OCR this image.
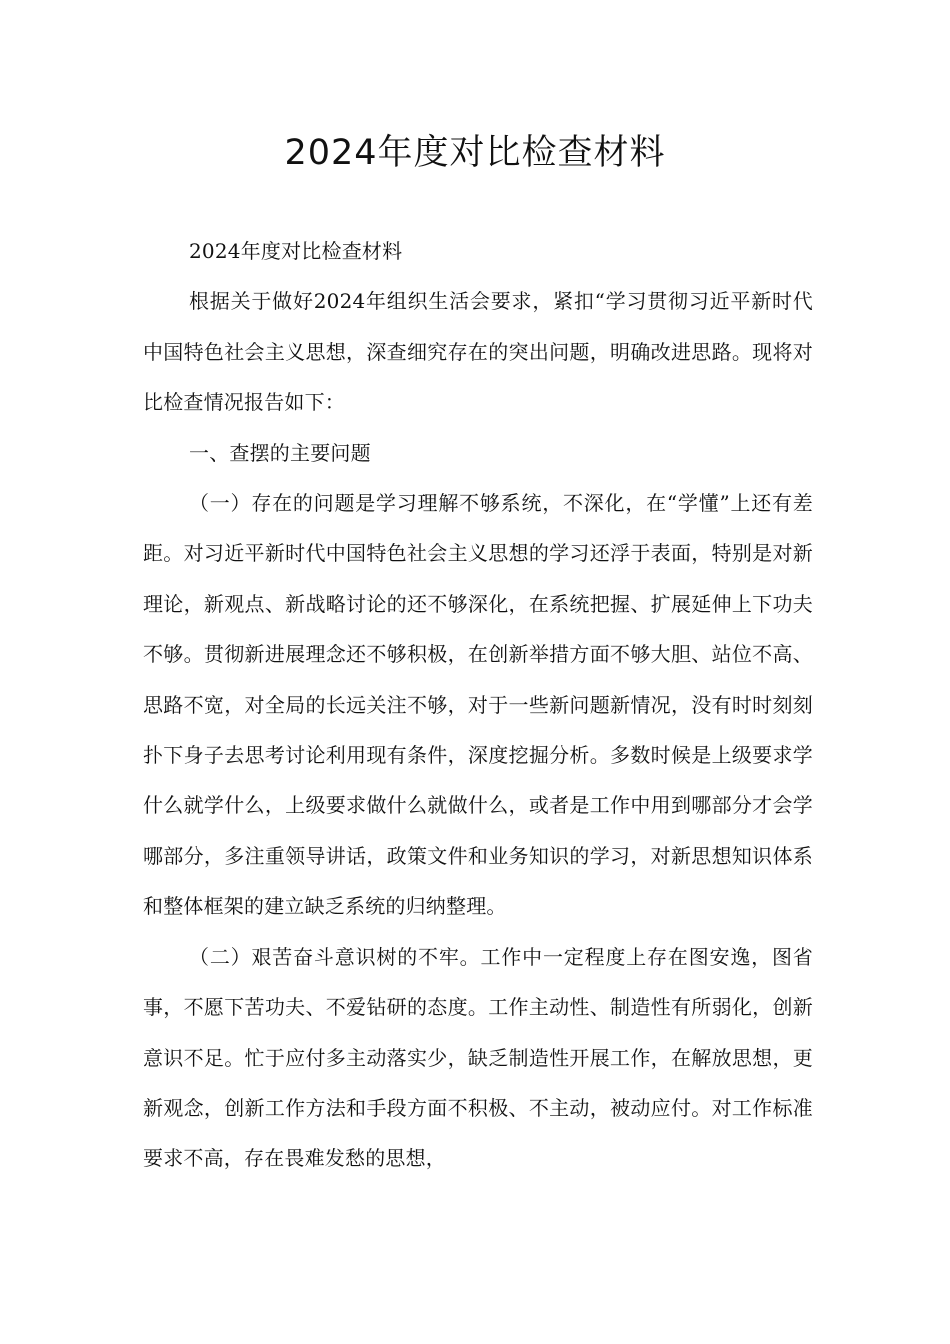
2024年度对比检查材料

2024年度对比检查材料

根据关于做好2024年组织生活会要求，紧扣“学习贯彻习近平新时代中国特色社会主义思想，深查细究存在的突出问题，明确改进思路。现将对比检查情况报告如下：

一、查摆的主要问题

（一）存在的问题是学习理解不够系统，不深化，在“学懂”上还有差距。对习近平新时代中国特色社会主义思想的学习还浮于表面，特别是对新理论，新观点、新战略讨论的还不够深化，在系统把握、扩展延伸上下功夫不够。贯彻新进展理念还不够积极，在创新举措方面不够大胆、站位不高、思路不宽，对全局的长远关注不够，对于一些新问题新情况，没有时时刻刻扑下身子去思考讨论利用现有条件，深度挖掘分析。多数时候是上级要求学什么就学什么，上级要求做什么就做什么，或者是工作中用到哪部分才会学哪部分，多注重领导讲话，政策文件和业务知识的学习，对新思想知识体系和整体框架的建立缺乏系统的归纳整理。

（二）艰苦奋斗意识树的不牢。工作中一定程度上存在图安逸，图省事，不愿下苦功夫、不爱钻研的态度。工作主动性、制造性有所弱化，创新意识不足。忙于应付多主动落实少，缺乏制造性开展工作，在解放思想，更新观念，创新工作方法和手段方面不积极、不主动，被动应付。对工作标准要求不高，存在畏难发愁的思想，
